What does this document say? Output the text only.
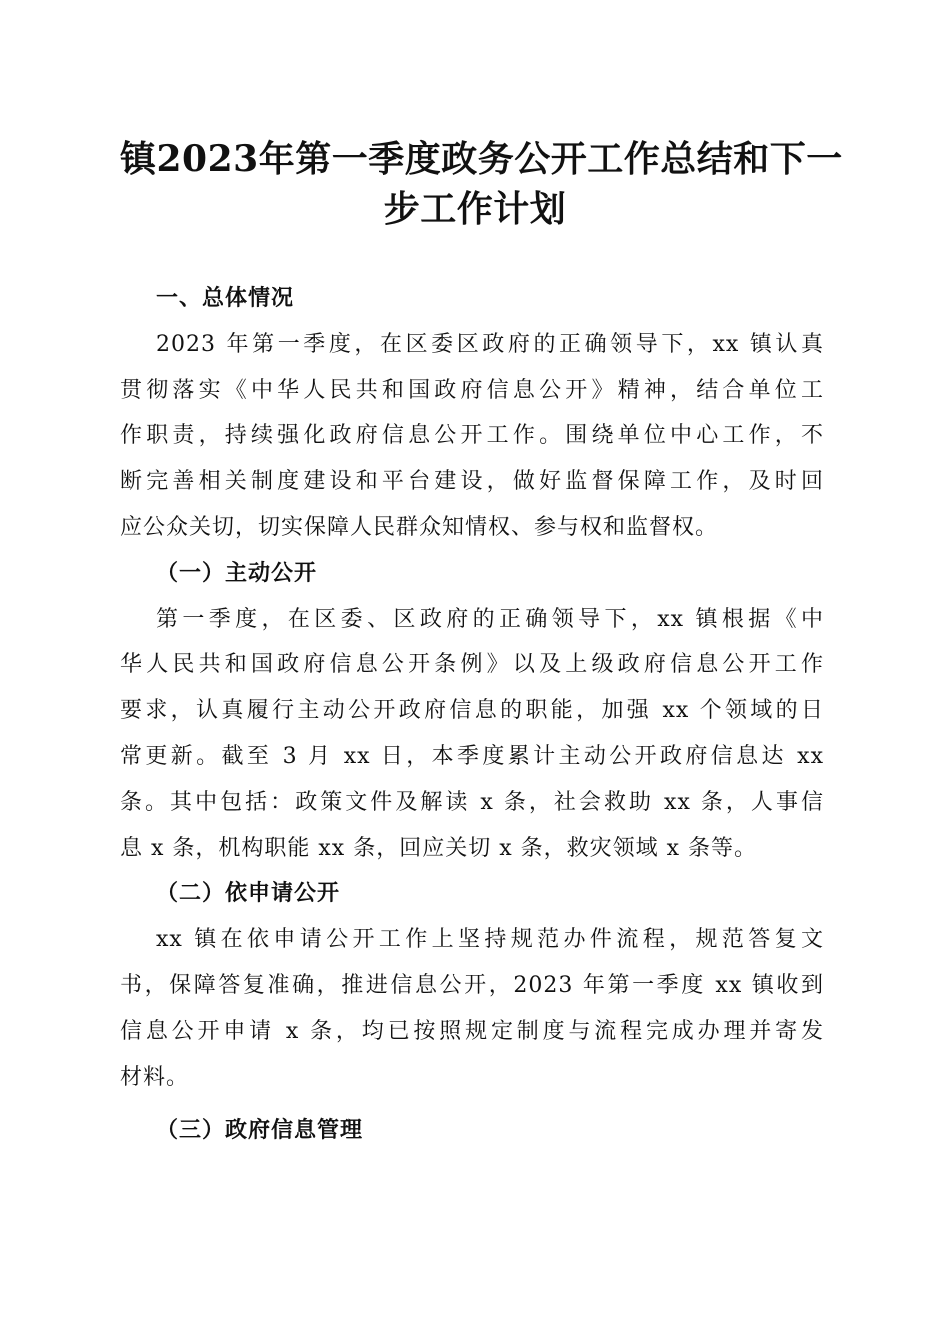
镇2023年第一季度政务公开工作总结和下一
步工作计划
一、总体情况

2023 年第一季度，在区委区政府的正确领导下，xx 镇认真
贯彻落实《中华人民共和国政府信息公开》精神，结合单位工
作职责，持续强化政府信息公开工作。围绕单位中心工作，不
断完善相关制度建设和平台建设，做好监督保障工作，及时回
应公众关切，切实保障人民群众知情权、参与权和监督权。

（一）主动公开

第一季度，在区委、区政府的正确领导下，xx 镇根据《中
华人民共和国政府信息公开条例》以及上级政府信息公开工作
要求，认真履行主动公开政府信息的职能，加强 xx 个领域的日
常更新。截至 3 月 xx 日，本季度累计主动公开政府信息达 xx
条。其中包括：政策文件及解读 x 条，社会救助 xx 条，人事信
息 x 条，机构职能 xx 条，回应关切 x 条，救灾领域 x 条等。

（二）依申请公开

xx 镇在依申请公开工作上坚持规范办件流程，规范答复文
书，保障答复准确，推进信息公开，2023 年第一季度 xx 镇收到
信息公开申请 x 条，均已按照规定制度与流程完成办理并寄发
材料。

（三）政府信息管理
